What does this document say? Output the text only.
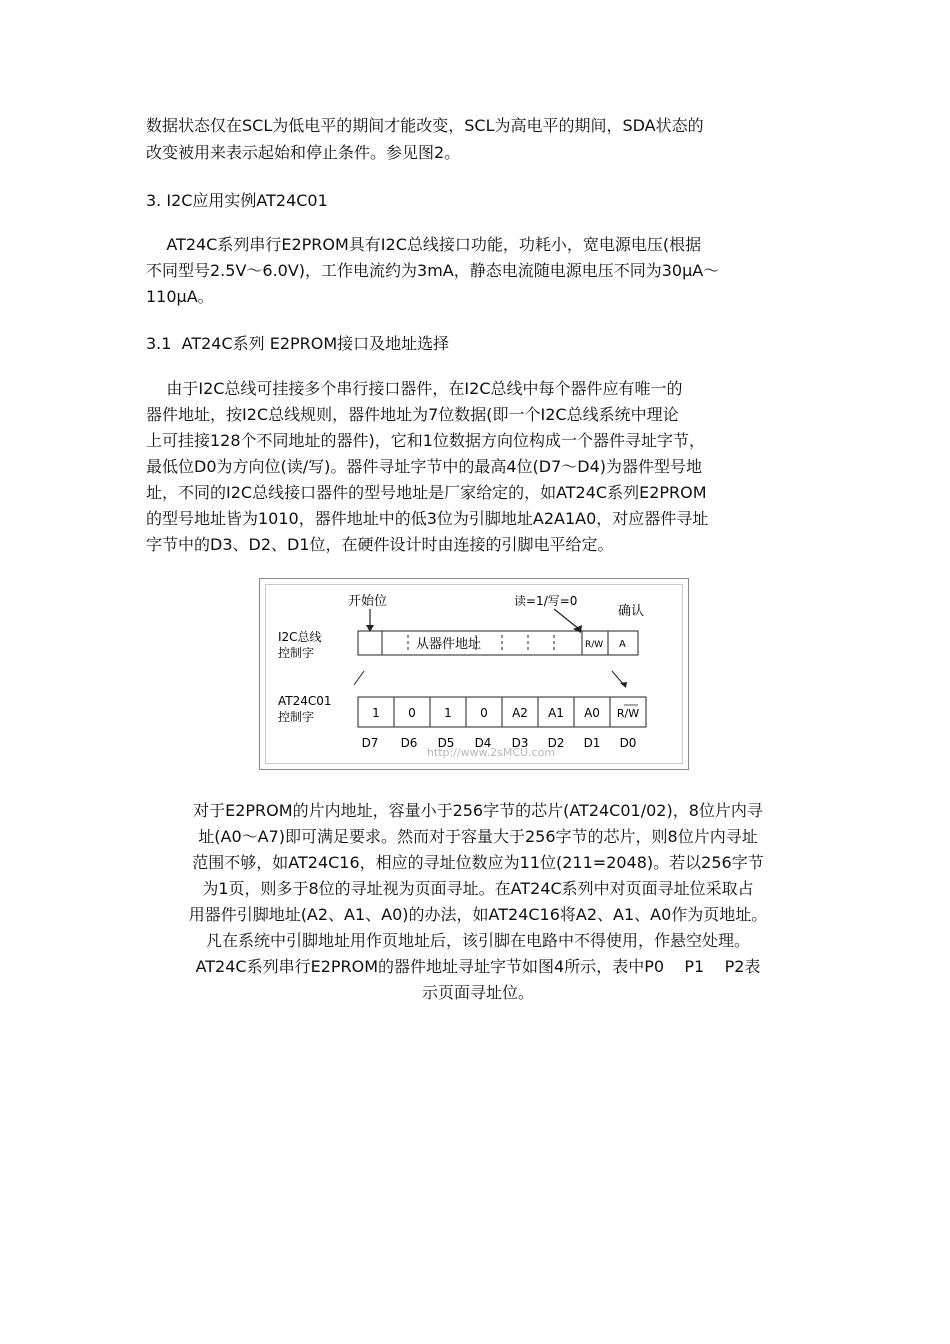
数据状态仅在SCL为低电平的期间才能改变，SCL为高电平的期间，SDA状态的

改变被用来表示起始和停止条件。参见图2。

3. I2C应用实例AT24C01

AT24C系列串行E2PROM具有I2C总线接口功能，功耗小，宽电源电压(根据

不同型号2.5V～6.0V)，工作电流约为3mA，静态电流随电源电压不同为30μA～

110μA。

3.1  AT24C系列 E2PROM接口及地址选择

由于I2C总线可挂接多个串行接口器件，在I2C总线中每个器件应有唯一的

器件地址，按I2C总线规则，器件地址为7位数据(即一个I2C总线系统中理论

上可挂接128个不同地址的器件)，它和1位数据方向位构成一个器件寻址字节，

最低位D0为方向位(读/写)。器件寻址字节中的最高4位(D7～D4)为器件型号地

址，不同的I2C总线接口器件的型号地址是厂家给定的，如AT24C系列E2PROM

的型号地址皆为1010，器件地址中的低3位为引脚地址A2A1A0，对应器件寻址

字节中的D3、D2、D1位，在硬件设计时由连接的引脚电平给定。

开始位	读=1/写=0
确认
I2C总线
控制字
从器件地址	R/W A
AT24C01
控制字	1 0 1 0 A2 A1 A0 R/W
D7 D6 D5 D4 D3 D2 D1 D0
http://www.2sMCU.com

对于E2PROM的片内地址，容量小于256字节的芯片(AT24C01/02)，8位片内寻

址(A0～A7)即可满足要求。然而对于容量大于256字节的芯片，则8位片内寻址

范围不够，如AT24C16，相应的寻址位数应为11位(211=2048)。若以256字节

为1页，则多于8位的寻址视为页面寻址。在AT24C系列中对页面寻址位采取占

用器件引脚地址(A2、A1、A0)的办法，如AT24C16将A2、A1、A0作为页地址。

凡在系统中引脚地址用作页地址后，该引脚在电路中不得使用，作悬空处理。

AT24C系列串行E2PROM的器件地址寻址字节如图4所示，表中P0    P1    P2表

示页面寻址位。
